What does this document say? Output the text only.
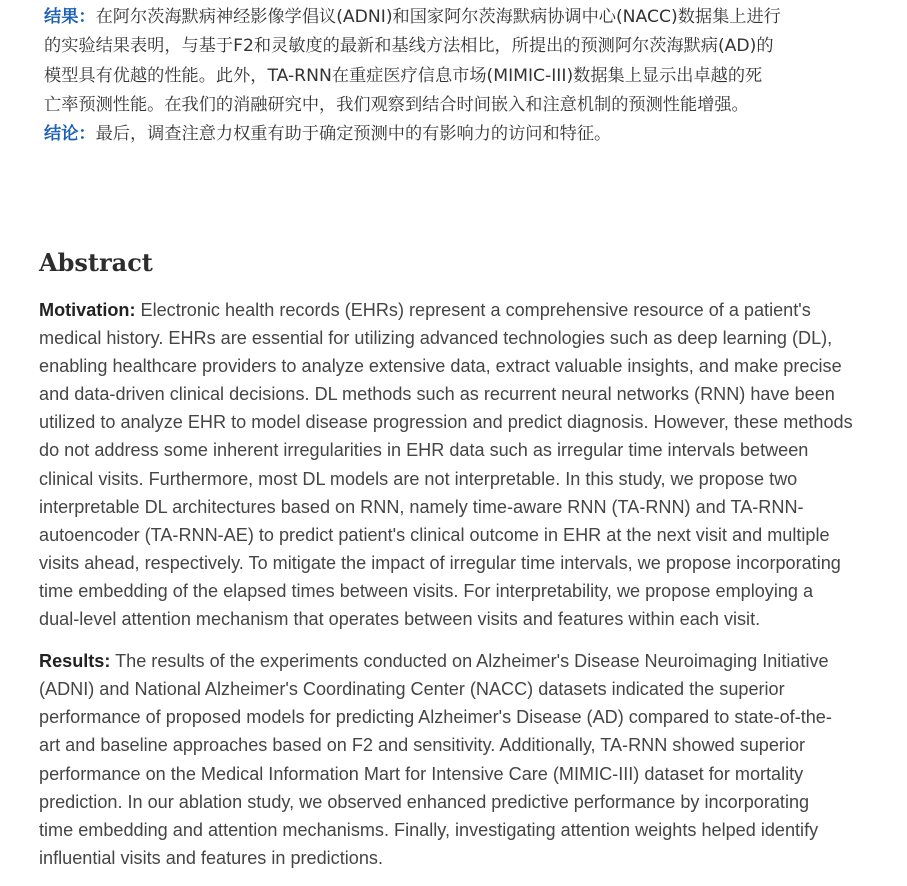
结果：在阿尔茨海默病神经影像学倡议(ADNI)和国家阿尔茨海默病协调中心(NACC)数据集上进行
的实验结果表明，与基于F2和灵敏度的最新和基线方法相比，所提出的预测阿尔茨海默病(AD)的
模型具有优越的性能。此外，TA-RNN在重症医疗信息市场(MIMIC-III)数据集上显示出卓越的死
亡率预测性能。在我们的消融研究中，我们观察到结合时间嵌入和注意机制的预测性能增强。

结论：最后，调查注意力权重有助于确定预测中的有影响力的访问和特征。

Abstract

Motivation: Electronic health records (EHRs) represent a comprehensive resource of a patient's
medical history. EHRs are essential for utilizing advanced technologies such as deep learning (DL),
enabling healthcare providers to analyze extensive data, extract valuable insights, and make precise
and data-driven clinical decisions. DL methods such as recurrent neural networks (RNN) have been
utilized to analyze EHR to model disease progression and predict diagnosis. However, these methods
do not address some inherent irregularities in EHR data such as irregular time intervals between
clinical visits. Furthermore, most DL models are not interpretable. In this study, we propose two
interpretable DL architectures based on RNN, namely time-aware RNN (TA-RNN) and TA-RNN-
autoencoder (TA-RNN-AE) to predict patient's clinical outcome in EHR at the next visit and multiple
visits ahead, respectively. To mitigate the impact of irregular time intervals, we propose incorporating
time embedding of the elapsed times between visits. For interpretability, we propose employing a
dual-level attention mechanism that operates between visits and features within each visit.

Results: The results of the experiments conducted on Alzheimer's Disease Neuroimaging Initiative
(ADNI) and National Alzheimer's Coordinating Center (NACC) datasets indicated the superior
performance of proposed models for predicting Alzheimer's Disease (AD) compared to state-of-the-
art and baseline approaches based on F2 and sensitivity. Additionally, TA-RNN showed superior
performance on the Medical Information Mart for Intensive Care (MIMIC-III) dataset for mortality
prediction. In our ablation study, we observed enhanced predictive performance by incorporating
time embedding and attention mechanisms. Finally, investigating attention weights helped identify
influential visits and features in predictions.
